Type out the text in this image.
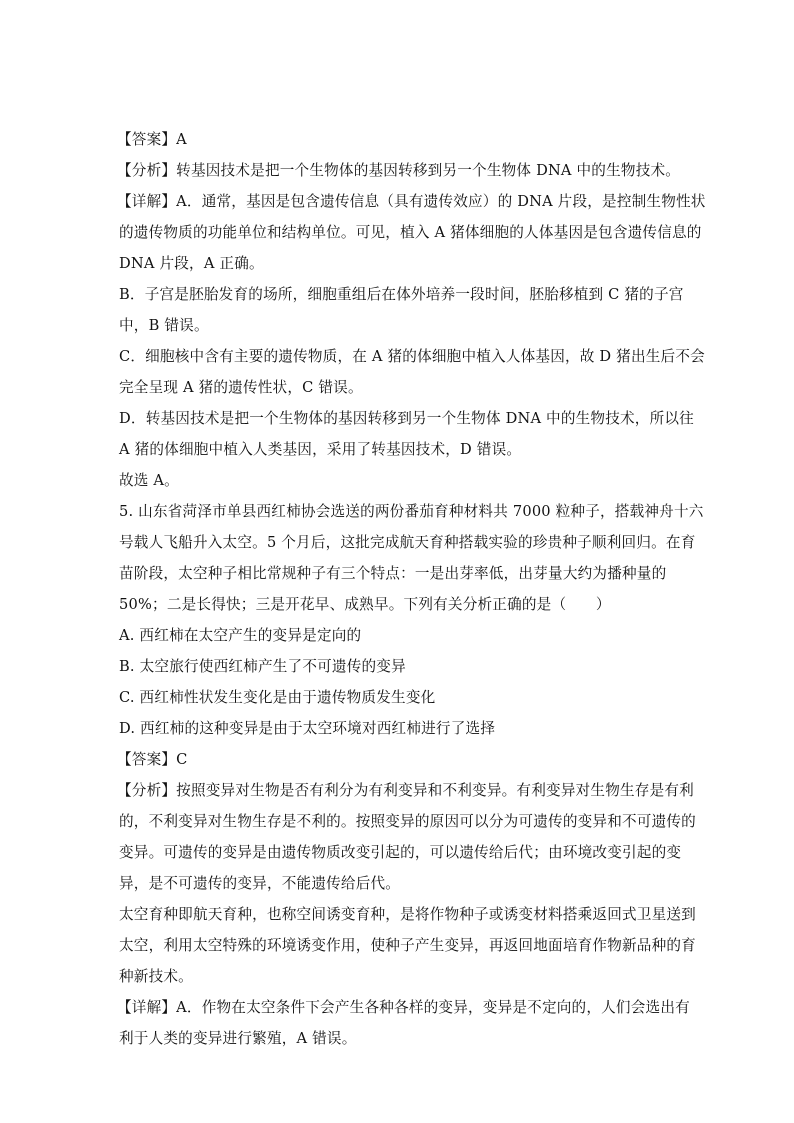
【答案】A
【分析】转基因技术是把一个生物体的基因转移到另一个生物体 DNA 中的生物技术。
【详解】A．通常，基因是包含遗传信息（具有遗传效应）的 DNA 片段，是控制生物性状
的遗传物质的功能单位和结构单位。可见，植入 A 猪体细胞的人体基因是包含遗传信息的
DNA 片段，A 正确。
B．子宫是胚胎发育的场所，细胞重组后在体外培养一段时间，胚胎移植到 C 猪的子宫
中，B 错误。
C．细胞核中含有主要的遗传物质，在 A 猪的体细胞中植入人体基因，故 D 猪出生后不会
完全呈现 A 猪的遗传性状，C 错误。
D．转基因技术是把一个生物体的基因转移到另一个生物体 DNA 中的生物技术，所以往
A 猪的体细胞中植入人类基因，采用了转基因技术，D 错误。
故选 A。
5. 山东省菏泽市单县西红柿协会选送的两份番茄育种材料共 7000 粒种子，搭载神舟十六
号载人飞船升入太空。5 个月后，这批完成航天育种搭载实验的珍贵种子顺利回归。在育
苗阶段，太空种子相比常规种子有三个特点：一是出芽率低，出芽量大约为播种量的
50%；二是长得快；三是开花早、成熟早。下列有关分析正确的是（　　）
A. 西红柿在太空产生的变异是定向的
B. 太空旅行使西红柿产生了不可遗传的变异
C. 西红柿性状发生变化是由于遗传物质发生变化
D. 西红柿的这种变异是由于太空环境对西红柿进行了选择
【答案】C
【分析】按照变异对生物是否有利分为有利变异和不利变异。有利变异对生物生存是有利
的，不利变异对生物生存是不利的。按照变异的原因可以分为可遗传的变异和不可遗传的
变异。可遗传的变异是由遗传物质改变引起的，可以遗传给后代；由环境改变引起的变
异，是不可遗传的变异，不能遗传给后代。
太空育种即航天育种，也称空间诱变育种，是将作物种子或诱变材料搭乘返回式卫星送到
太空，利用太空特殊的环境诱变作用，使种子产生变异，再返回地面培育作物新品种的育
种新技术。
【详解】A．作物在太空条件下会产生各种各样的变异，变异是不定向的，人们会选出有
利于人类的变异进行繁殖，A 错误。
